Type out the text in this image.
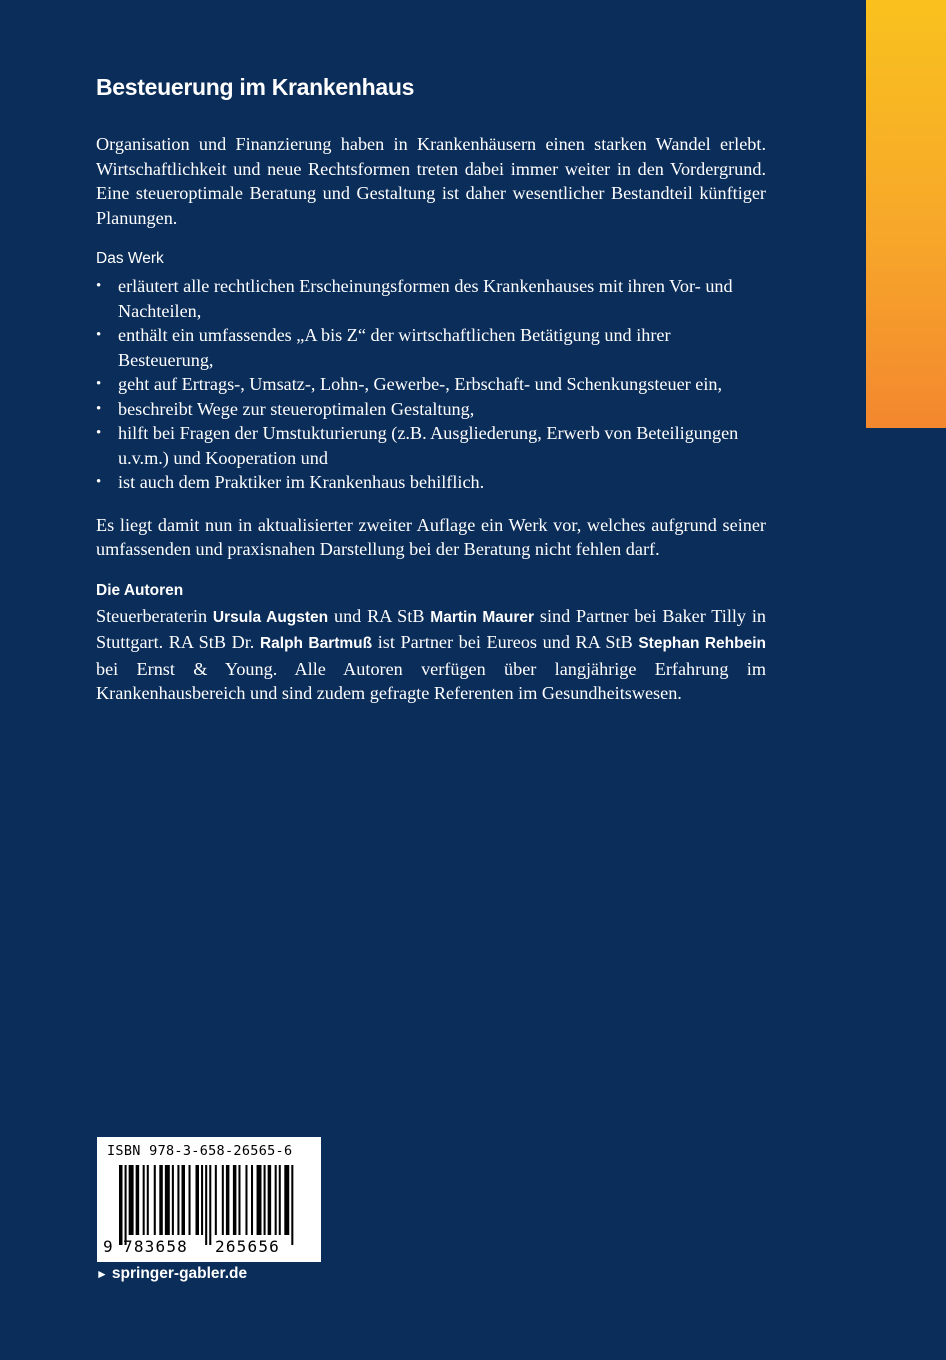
Besteuerung im Krankenhaus

Organisation und Finanzierung haben in Krankenhäusern einen starken Wandel erlebt. Wirtschaftlichkeit und neue Rechtsformen treten dabei immer weiter in den Vordergrund. Eine steueroptimale Beratung und Gestaltung ist daher wesentlicher Bestandteil künftiger Planungen.

Das Werk
• erläutert alle rechtlichen Erscheinungsformen des Krankenhauses mit ihren Vor- und Nachteilen,
• enthält ein umfassendes „A bis Z“ der wirtschaftlichen Betätigung und ihrer Besteuerung,
• geht auf Ertrags-, Umsatz-, Lohn-, Gewerbe-, Erbschaft- und Schenkungsteuer ein,
• beschreibt Wege zur steueroptimalen Gestaltung,
• hilft bei Fragen der Umstukturierung (z.B. Ausgliederung, Erwerb von Beteiligungen u.v.m.) und Kooperation und
• ist auch dem Praktiker im Krankenhaus behilflich.

Es liegt damit nun in aktualisierter zweiter Auflage ein Werk vor, welches aufgrund seiner umfassenden und praxisnahen Darstellung bei der Beratung nicht fehlen darf.

Die Autoren

Steuerberaterin Ursula Augsten und RA StB Martin Maurer sind Partner bei Baker Tilly in Stuttgart. RA StB Dr. Ralph Bartmuß ist Partner bei Eureos und RA StB Stephan Rehbein bei Ernst & Young. Alle Autoren verfügen über langjährige Erfahrung im Krankenhausbereich und sind zudem gefragte Referenten im Gesundheitswesen.

ISBN 978-3-658-26565-6
9 783658 265656
► springer-gabler.de
